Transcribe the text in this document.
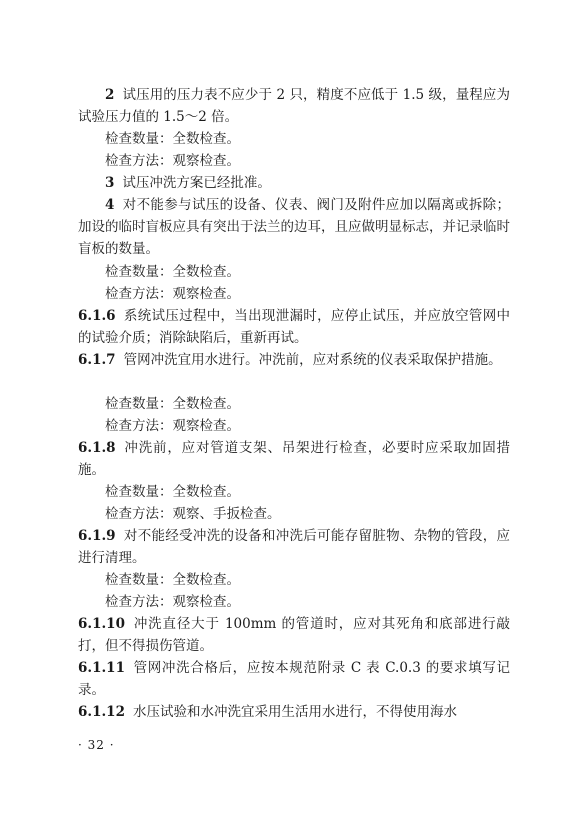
2 试压用的压力表不应少于 2 只，精度不应低于 1.5 级，量程应为试验压力值的 1.5～2 倍。

检查数量：全数检查。

检查方法：观察检查。

3 试压冲洗方案已经批准。

4 对不能参与试压的设备、仪表、阀门及附件应加以隔离或拆除；加设的临时盲板应具有突出于法兰的边耳，且应做明显标志，并记录临时盲板的数量。

检查数量：全数检查。

检查方法：观察检查。

6.1.6 系统试压过程中，当出现泄漏时，应停止试压，并应放空管网中的试验介质；消除缺陷后，重新再试。

6.1.7 管网冲洗宜用水进行。冲洗前，应对系统的仪表采取保护措施。

检查数量：全数检查。

检查方法：观察检查。

6.1.8 冲洗前，应对管道支架、吊架进行检查，必要时应采取加固措施。

检查数量：全数检查。

检查方法：观察、手扳检查。

6.1.9 对不能经受冲洗的设备和冲洗后可能存留脏物、杂物的管段，应进行清理。

检查数量：全数检查。

检查方法：观察检查。

6.1.10 冲洗直径大于 100mm 的管道时，应对其死角和底部进行敲打，但不得损伤管道。

6.1.11 管网冲洗合格后，应按本规范附录 C 表 C.0.3 的要求填写记录。

6.1.12 水压试验和水冲洗宜采用生活用水进行，不得使用海水

· 32 ·
